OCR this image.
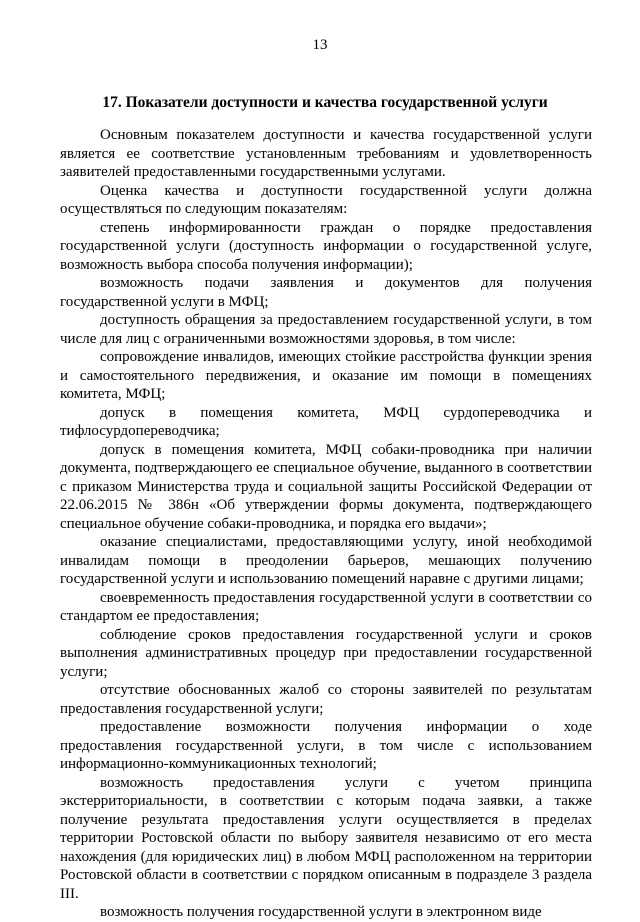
13
17. Показатели доступности и качества государственной услуги

Основным показателем доступности и качества государственной услуги является ее соответствие установленным требованиям и удовлетворенность заявителей предоставленными государственными услугами.

Оценка качества и доступности государственной услуги должна осуществляться по следующим показателям:

степень информированности граждан о порядке предоставления государственной услуги (доступность информации о государственной услуге, возможность выбора способа получения информации);

возможность подачи заявления и документов для получения государственной услуги в МФЦ;

доступность обращения за предоставлением государственной услуги, в том числе для лиц с ограниченными возможностями здоровья, в том числе:

сопровождение инвалидов, имеющих стойкие расстройства функции зрения и самостоятельного передвижения, и оказание им помощи в помещениях комитета, МФЦ;

допуск в помещения комитета, МФЦ сурдопереводчика и тифлосурдопереводчика;

допуск в помещения комитета, МФЦ собаки-проводника при наличии документа, подтверждающего ее специальное обучение, выданного в соответствии с приказом Министерства труда и социальной защиты Российской Федерации от 22.06.2015 № 386н «Об утверждении формы документа, подтверждающего специальное обучение собаки-проводника, и порядка его выдачи»;

оказание специалистами, предоставляющими услугу, иной необходимой инвалидам помощи в преодолении барьеров, мешающих получению государственной услуги и использованию помещений наравне с другими лицами;

своевременность предоставления государственной услуги в соответствии со стандартом ее предоставления;

соблюдение сроков предоставления государственной услуги и сроков выполнения административных процедур при предоставлении государственной услуги;

отсутствие обоснованных жалоб со стороны заявителей по результатам предоставления государственной услуги;

предоставление возможности получения информации о ходе предоставления государственной услуги, в том числе с использованием информационно-коммуникационных технологий;

возможность предоставления услуги с учетом принципа экстерриториальности, в соответствии с которым подача заявки, а также получение результата предоставления услуги осуществляется в пределах территории Ростовской области по выбору заявителя независимо от его места нахождения (для юридических лиц) в любом МФЦ расположенном на территории Ростовской области в соответствии с порядком описанным в подразделе 3 раздела III.

возможность получения государственной услуги в электронном виде
